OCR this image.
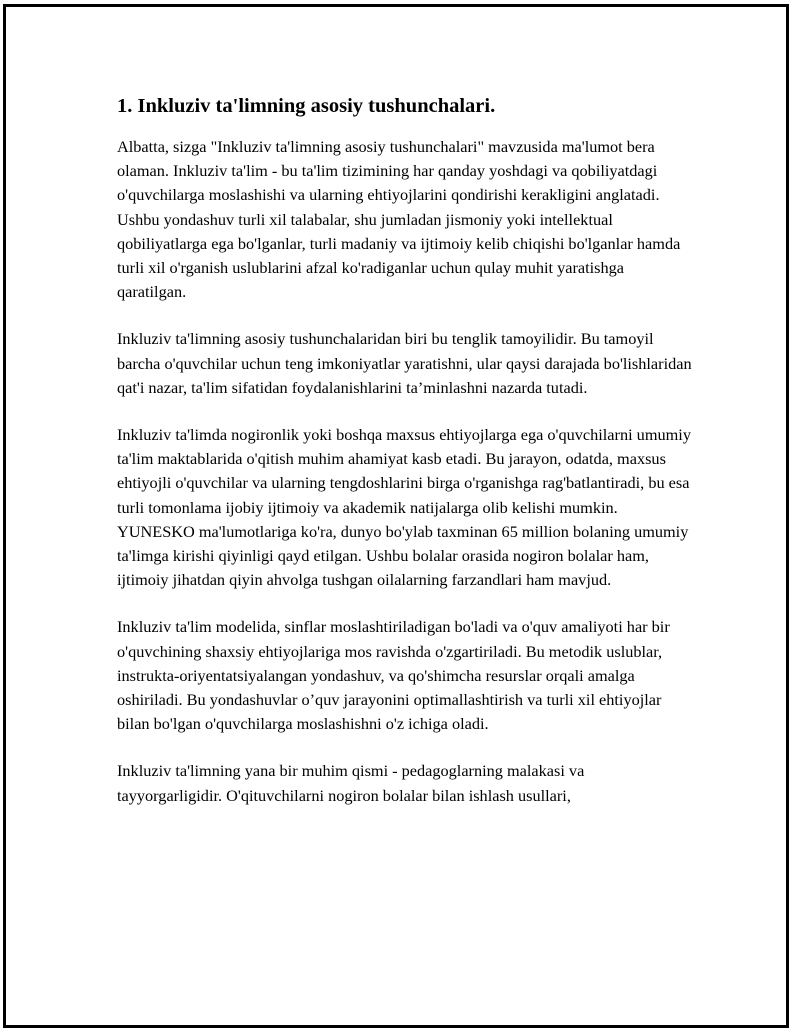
1. Inkluziv ta'limning asosiy tushunchalari.

Albatta, sizga "Inkluziv ta'limning asosiy tushunchalari" mavzusida ma'lumot bera olaman. Inkluziv ta'lim - bu ta'lim tizimining har qanday yoshdagi va qobiliyatdagi o'quvchilarga moslashishi va ularning ehtiyojlarini qondirishi kerakligini anglatadi. Ushbu yondashuv turli xil talabalar, shu jumladan jismoniy yoki intellektual qobiliyatlarga ega bo'lganlar, turli madaniy va ijtimoiy kelib chiqishi bo'lganlar hamda turli xil o'rganish uslublarini afzal ko'radiganlar uchun qulay muhit yaratishga qaratilgan.

Inkluziv ta'limning asosiy tushunchalaridan biri bu tenglik tamoyilidir. Bu tamoyil barcha o'quvchilar uchun teng imkoniyatlar yaratishni, ular qaysi darajada bo'lishlaridan qat'i nazar, ta'lim sifatidan foydalanishlarini ta’minlashni nazarda tutadi.

Inkluziv ta'limda nogironlik yoki boshqa maxsus ehtiyojlarga ega o'quvchilarni umumiy ta'lim maktablarida o'qitish muhim ahamiyat kasb etadi. Bu jarayon, odatda, maxsus ehtiyojli o'quvchilar va ularning tengdoshlarini birga o'rganishga rag'batlantiradi, bu esa turli tomonlama ijobiy ijtimoiy va akademik natijalarga olib kelishi mumkin. YUNESKO ma'lumotlariga ko'ra, dunyo bo'ylab taxminan 65 million bolaning umumiy ta'limga kirishi qiyinligi qayd etilgan. Ushbu bolalar orasida nogiron bolalar ham, ijtimoiy jihatdan qiyin ahvolga tushgan oilalarning farzandlari ham mavjud.

Inkluziv ta'lim modelida, sinflar moslashtiriladigan bo'ladi va o'quv amaliyoti har bir o'quvchining shaxsiy ehtiyojlariga mos ravishda o'zgartiriladi. Bu metodik uslublar, instrukta-oriyentatsiyalangan yondashuv, va qo'shimcha resurslar orqali amalga oshiriladi. Bu yondashuvlar o’quv jarayonini optimallashtirish va turli xil ehtiyojlar bilan bo'lgan o'quvchilarga moslashishni o'z ichiga oladi.

Inkluziv ta'limning yana bir muhim qismi - pedagoglarning malakasi va tayyorgarligidir. O'qituvchilarni nogiron bolalar bilan ishlash usullari,
